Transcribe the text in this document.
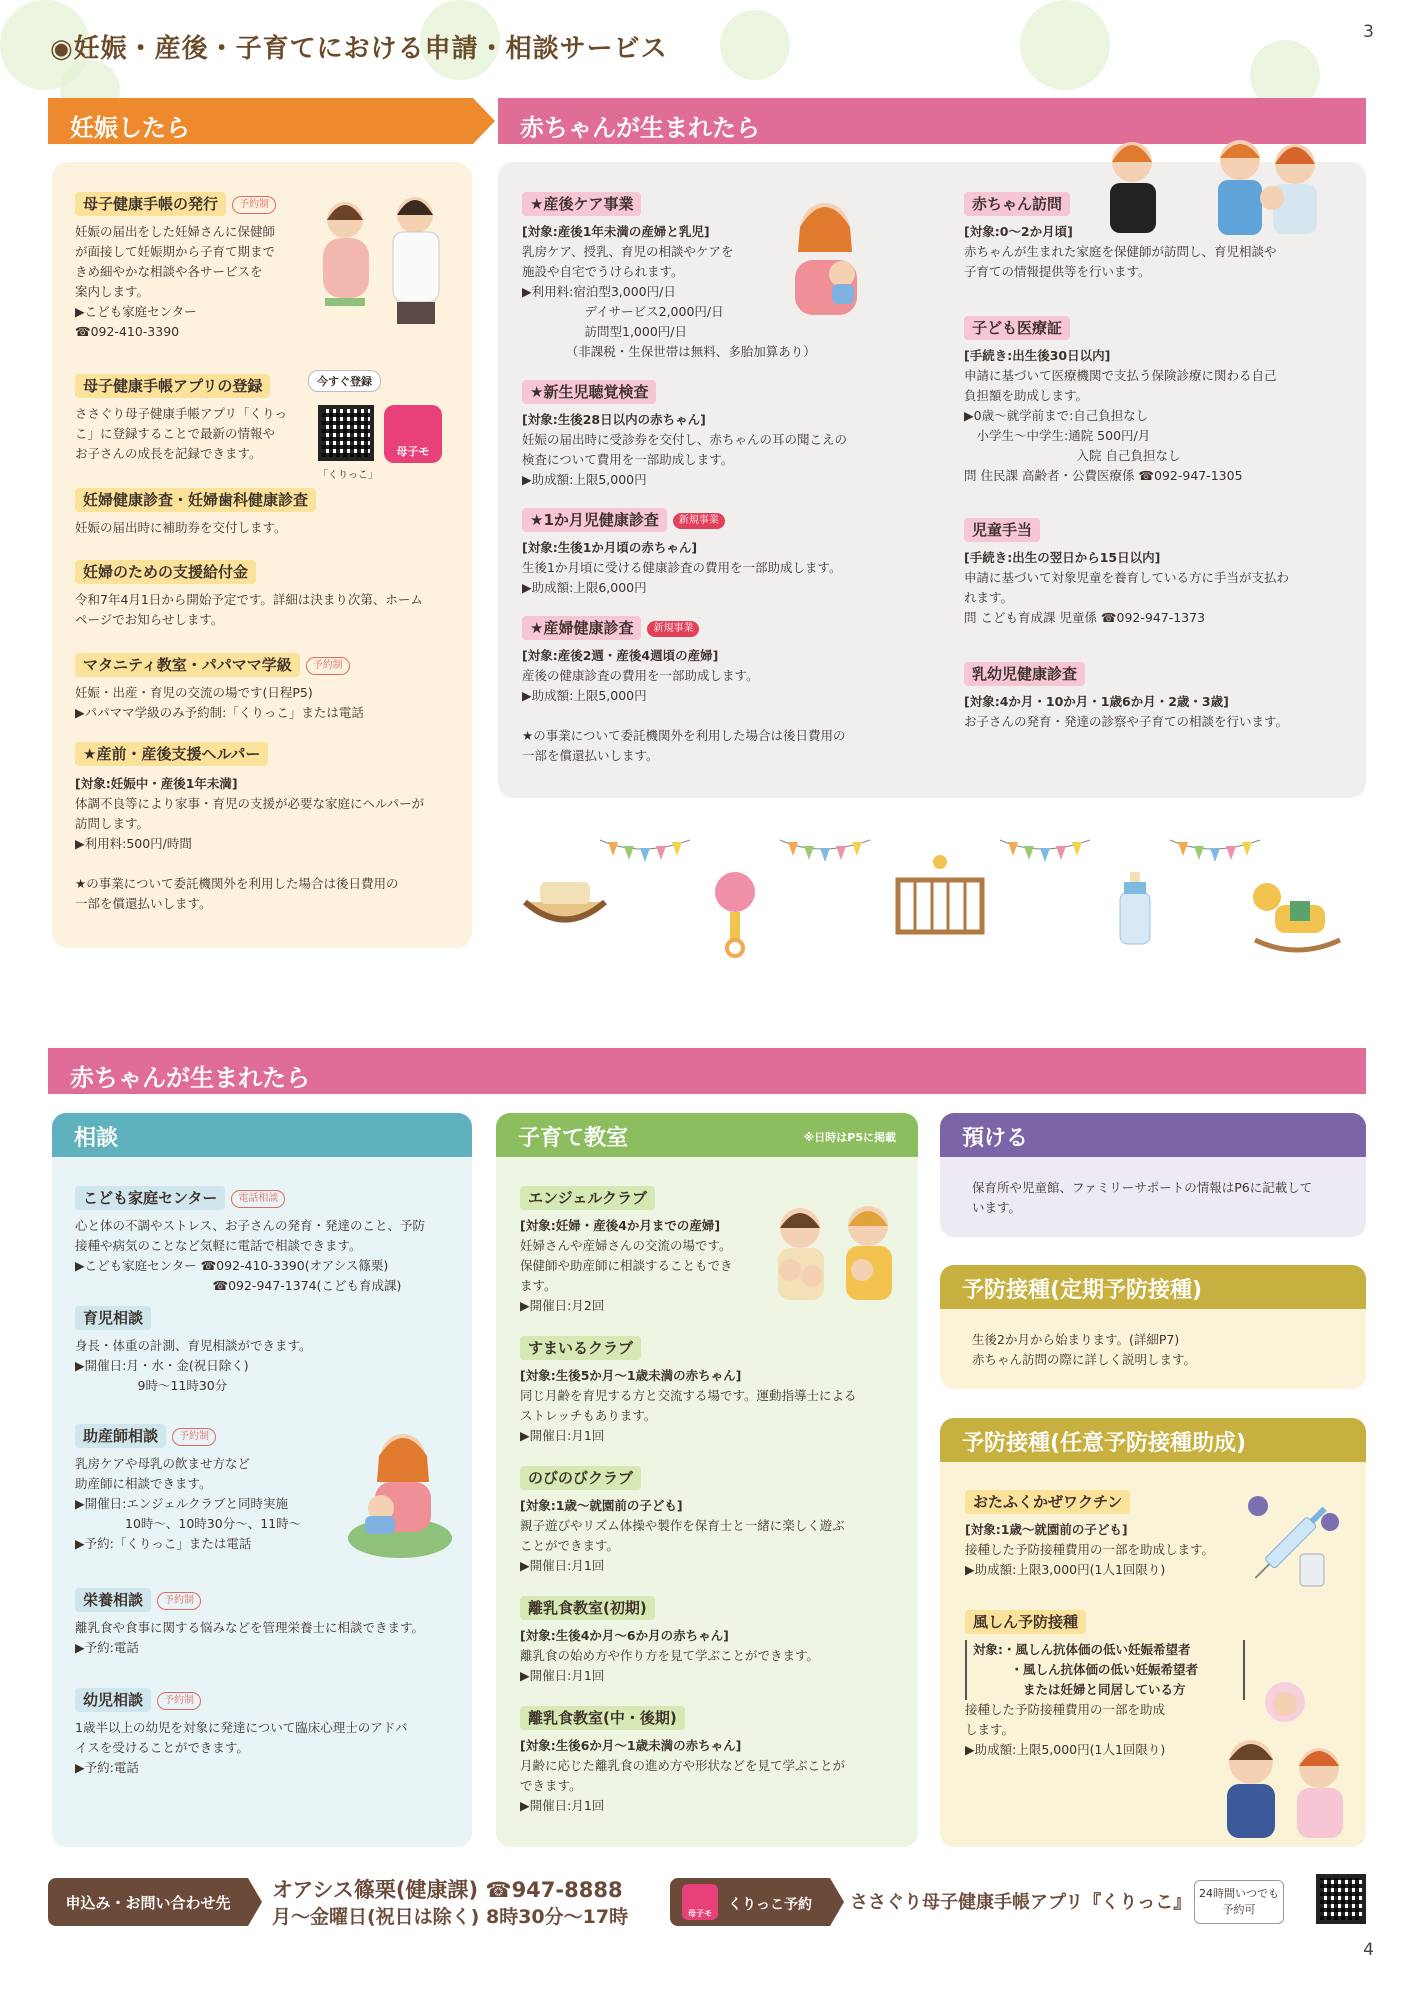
3
◉妊娠・産後・子育てにおける申請・相談サービス
妊娠したら	赤ちゃんが生まれたら
母子健康手帳の発行 予約制
妊娠の届出をした妊婦さんに保健師
が面接して妊娠期から子育て期まで
きめ細やかな相談や各サービスを
案内します。
▶こども家庭センター
☎092-410-3390
母子健康手帳アプリの登録
ささぐり母子健康手帳アプリ「くりっ
こ」に登録することで最新の情報や
お子さんの成長を記録できます。
今すぐ登録
「くりっこ」
母子モ
妊婦健康診査・妊婦歯科健康診査
妊娠の届出時に補助券を交付します。
妊婦のための支援給付金
令和7年4月1日から開始予定です。詳細は決まり次第、ホーム
ページでお知らせします。
マタニティ教室・パパママ学級 予約制
妊娠・出産・育児の交流の場です(日程P5)
▶パパママ学級のみ予約制:「くりっこ」または電話
★産前・産後支援ヘルパー
[対象:妊娠中・産後1年未満]
体調不良等により家事・育児の支援が必要な家庭にヘルパーが
訪問します。
▶利用料:500円/時間

★の事業について委託機関外を利用した場合は後日費用の
一部を償還払いします。
★産後ケア事業
[対象:産後1年未満の産婦と乳児]
乳房ケア、授乳、育児の相談やケアを
施設や自宅でうけられます。
▶利用料:宿泊型3,000円/日
　　　　　デイサービス2,000円/日
　　　　　訪問型1,000円/日
　　　　（非課税・生保世帯は無料、多胎加算あり）
★新生児聴覚検査
[対象:生後28日以内の赤ちゃん]
妊娠の届出時に受診券を交付し、赤ちゃんの耳の聞こえの
検査について費用を一部助成します。
▶助成額:上限5,000円
★1か月児健康診査 新規事業
[対象:生後1か月頃の赤ちゃん]
生後1か月頃に受ける健康診査の費用を一部助成します。
▶助成額:上限6,000円
★産婦健康診査 新規事業
[対象:産後2週・産後4週頃の産婦]
産後の健康診査の費用を一部助成します。
▶助成額:上限5,000円

★の事業について委託機関外を利用した場合は後日費用の
一部を償還払いします。
赤ちゃん訪問
[対象:0～2か月頃]
赤ちゃんが生まれた家庭を保健師が訪問し、育児相談や
子育ての情報提供等を行います。
子ども医療証
[手続き:出生後30日以内]
申請に基づいて医療機関で支払う保険診療に関わる自己
負担額を助成します。
▶0歳～就学前まで:自己負担なし
　小学生～中学生:通院 500円/月
　　　　　　　　　入院 自己負担なし
問 住民課 高齢者・公費医療係 ☎092-947-1305
児童手当
[手続き:出生の翌日から15日以内]
申請に基づいて対象児童を養育している方に手当が支払わ
れます。
問 こども育成課 児童係 ☎092-947-1373
乳幼児健康診査
[対象:4か月・10か月・1歳6か月・2歳・3歳]
お子さんの発育・発達の診察や子育ての相談を行います。
赤ちゃんが生まれたら
相談
こども家庭センター 電話相談
心と体の不調やストレス、お子さんの発育・発達のこと、予防
接種や病気のことなど気軽に電話で相談できます。
▶こども家庭センター ☎092-410-3390(オアシス篠栗)
　　　　　　　　　　　☎092-947-1374(こども育成課)
育児相談
身長・体重の計測、育児相談ができます。
▶開催日:月・水・金(祝日除く)
　　　　　9時～11時30分
助産師相談 予約制
乳房ケアや母乳の飲ませ方など
助産師に相談できます。
▶開催日:エンジェルクラブと同時実施
　　　　10時～、10時30分～、11時～
▶予約:「くりっこ」または電話
栄養相談 予約制
離乳食や食事に関する悩みなどを管理栄養士に相談できます。
▶予約:電話
幼児相談 予約制
1歳半以上の幼児を対象に発達について臨床心理士のアドバ
イスを受けることができます。
▶予約:電話
子育て教室	※日時はP5に掲載
エンジェルクラブ
[対象:妊婦・産後4か月までの産婦]
妊婦さんや産婦さんの交流の場です。
保健師や助産師に相談することもでき
ます。
▶開催日:月2回
すまいるクラブ
[対象:生後5か月～1歳未満の赤ちゃん]
同じ月齢を育児する方と交流する場です。運動指導士による
ストレッチもあります。
▶開催日:月1回
のびのびクラブ
[対象:1歳～就園前の子ども]
親子遊びやリズム体操や製作を保育士と一緒に楽しく遊ぶ
ことができます。
▶開催日:月1回
離乳食教室(初期)
[対象:生後4か月～6か月の赤ちゃん]
離乳食の始め方や作り方を見て学ぶことができます。
▶開催日:月1回
離乳食教室(中・後期)
[対象:生後6か月～1歳未満の赤ちゃん]
月齢に応じた離乳食の進め方や形状などを見て学ぶことが
できます。
▶開催日:月1回
預ける
保育所や児童館、ファミリーサポートの情報はP6に記載して
います。
予防接種(定期予防接種)
生後2か月から始まります。(詳細P7)
赤ちゃん訪問の際に詳しく説明します。
予防接種(任意予防接種助成)
おたふくかぜワクチン
[対象:1歳～就園前の子ども]
接種した予防接種費用の一部を助成します。
▶助成額:上限3,000円(1人1回限り)
風しん予防接種
対象:・風しん抗体価の低い妊娠希望者
　　　・風しん抗体価の低い妊娠希望者
　　　　または妊婦と同居している方
接種した予防接種費用の一部を助成
します。
▶助成額:上限5,000円(1人1回限り)
申込み・お問い合わせ先
オアシス篠栗(健康課) ☎947-8888
月～金曜日(祝日は除く) 8時30分～17時	母子モ
くりっこ予約 ささぐり母子健康手帳アプリ『くりっこ』 24時間いつでも
予約可
4
